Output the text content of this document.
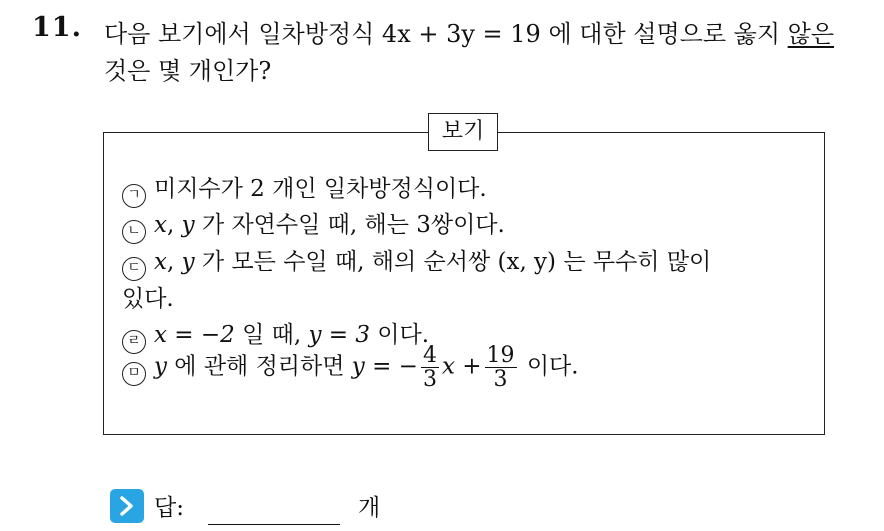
11. 다음 보기에서 일차방정식 4x + 3y = 19 에 대한 설명으로 옳지 않은
것은 몇 개인가?
보기
ㄱ 미지수가 2 개인 일차방정식이다.
ㄴ x, y 가 자연수일 때, 해는 3쌍이다.
ㄷ x, y 가 모든 수일 때, 해의 순서쌍 (x, y) 는 무수히 많이
있다.
ㄹ x = −2 일 때, y = 3 이다.
ㅁ y 에 관해 정리하면 y = − $\frac{4}{3}$ $x + \frac{19}{3}$ 이다.
답:	개
